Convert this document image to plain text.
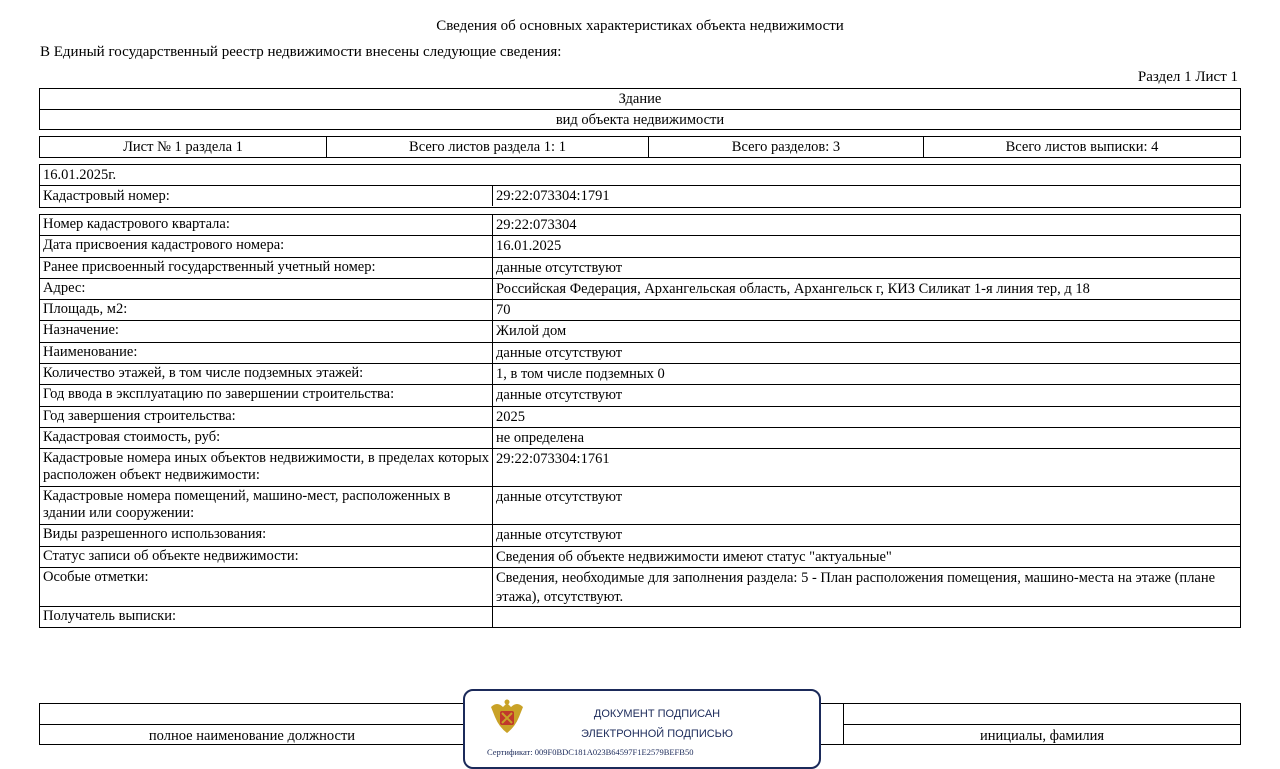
Сведения об основных характеристиках объекта недвижимости
В Единый государственный реестр недвижимости внесены следующие сведения:
Раздел 1 Лист 1
Здание
вид объекта недвижимости
Лист № 1 раздела 1	Всего листов раздела 1: 1	Всего разделов: 3	Всего листов выписки: 4
16.01.2025г.
Кадастровый номер:	29:22:073304:1791
Номер кадастрового квартала:	29:22:073304
Дата присвоения кадастрового номера:	16.01.2025
Ранее присвоенный государственный учетный номер:	данные отсутствуют
Адрес:	Российская Федерация, Архангельская область, Архангельск г, КИЗ Силикат 1-я линия тер, д 18
Площадь, м2:	70
Назначение:	Жилой дом
Наименование:	данные отсутствуют
Количество этажей, в том числе подземных этажей:	1, в том числе подземных 0
Год ввода в эксплуатацию по завершении строительства:	данные отсутствуют
Год завершения строительства:	2025
Кадастровая стоимость, руб:	не определена
Кадастровые номера иных объектов недвижимости, в пределах которых расположен объект недвижимости:
29:22:073304:1761
Кадастровые номера помещений, машино-мест, расположенных в здании или сооружении:
данные отсутствуют
Виды разрешенного использования:	данные отсутствуют
Статус записи об объекте недвижимости:	Сведения об объекте недвижимости имеют статус "актуальные"
Особые отметки:	Сведения, необходимые для заполнения раздела: 5 - План расположения помещения, машино-места на этаже (плане этажа), отсутствуют.
Получатель выписки:
полное наименование должности	инициалы, фамилия
ДОКУМЕНТ ПОДПИСАН
ЭЛЕКТРОННОЙ ПОДПИСЬЮ
Сертификат: 009F0BDC181A023B64597F1E2579BEFB50
